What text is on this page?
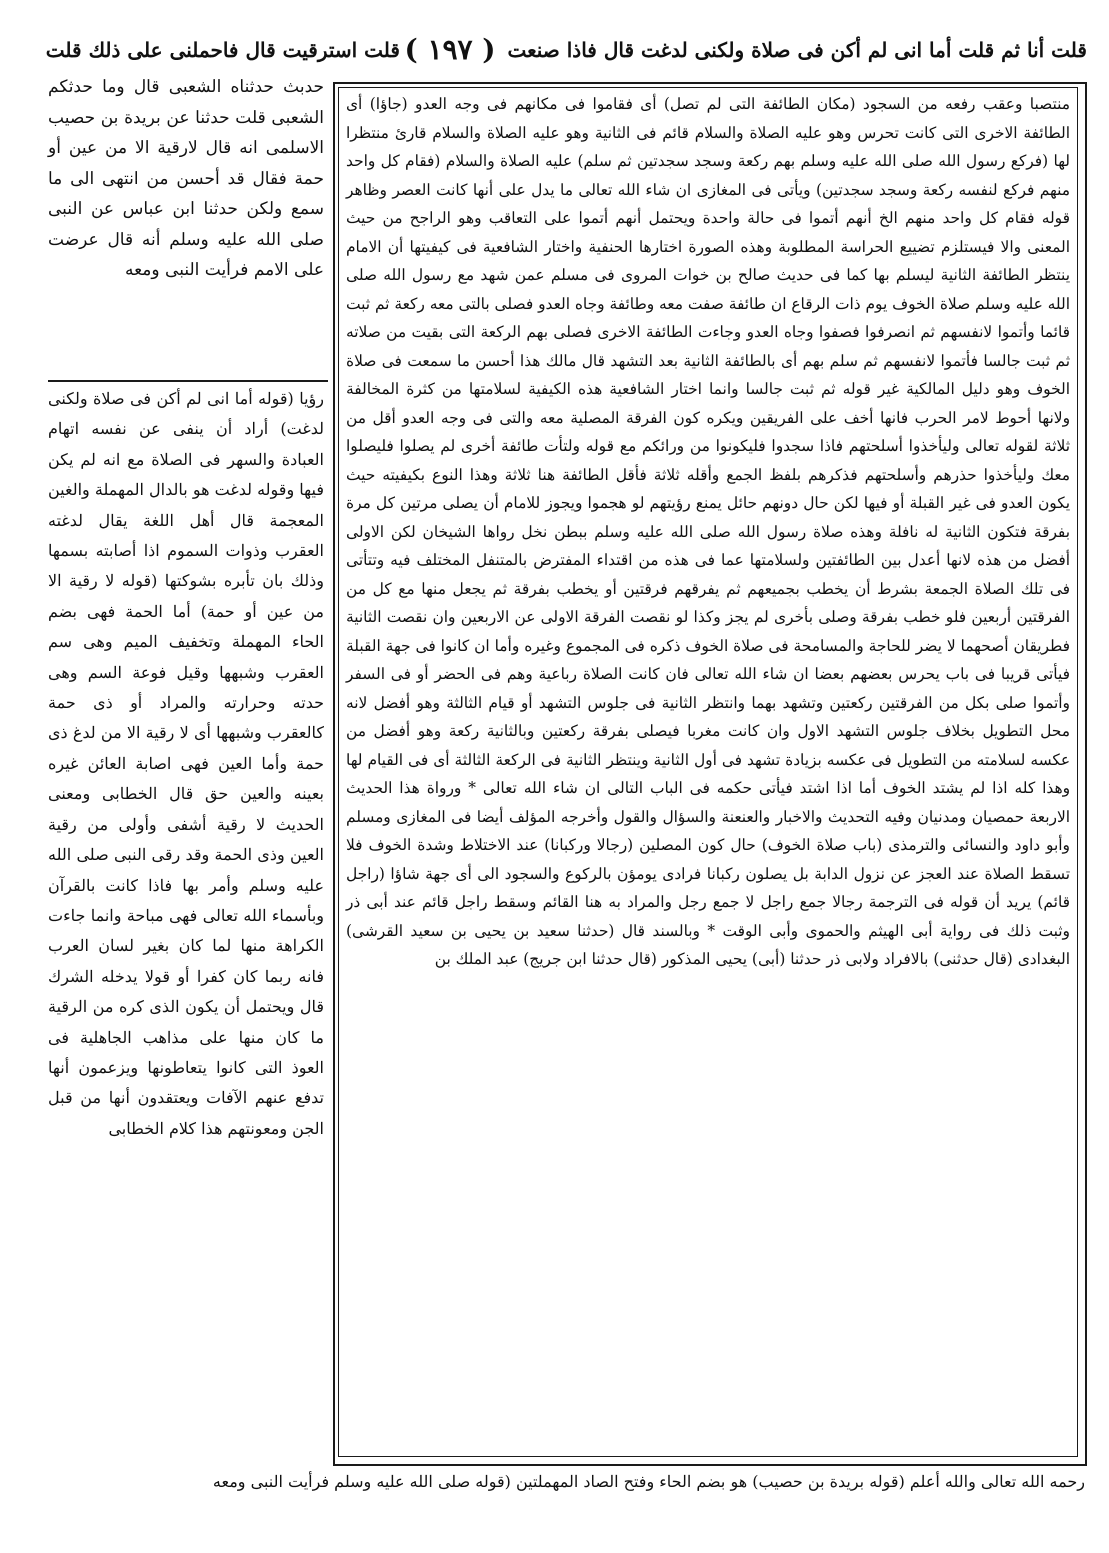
قلت أنا ثم قلت أما انى لم أكن فى صلاة ولكنى لدغت قال فاذا صنعت
( ١٩٧ )
قلت استرقيت قال فاحملنى على ذلك قلت
منتصبا وعقب رفعه من السجود (مكان الطائفة التى لم تصل) أى فقاموا فى مكانهم فى وجه العدو (جاؤا) أى الطائفة الاخرى التى كانت تحرس وهو عليه الصلاة والسلام قائم فى الثانية وهو عليه الصلاة والسلام قارئ منتظرا لها (فركع رسول الله صلى الله عليه وسلم بهم ركعة وسجد سجدتين ثم سلم) عليه الصلاة والسلام (فقام كل واحد منهم فركع لنفسه ركعة وسجد سجدتين) ويأتى فى المغازى ان شاء الله تعالى ما يدل على أنها كانت العصر وظاهر قوله فقام كل واحد منهم الخ أنهم أتموا فى حالة واحدة ويحتمل أنهم أتموا على التعاقب وهو الراجح من حيث المعنى والا فيستلزم تضييع الحراسة المطلوبة وهذه الصورة اختارها الحنفية واختار الشافعية فى كيفيتها أن الامام ينتظر الطائفة الثانية ليسلم بها كما فى حديث صالح بن خوات المروى فى مسلم عمن شهد مع رسول الله صلى الله عليه وسلم صلاة الخوف يوم ذات الرقاع ان طائفة صفت معه وطائفة وجاه العدو فصلى بالتى معه ركعة ثم ثبت قائما وأتموا لانفسهم ثم انصرفوا فصفوا وجاه العدو وجاءت الطائفة الاخرى فصلى بهم الركعة التى بقيت من صلاته ثم ثبت جالسا فأتموا لانفسهم ثم سلم بهم أى بالطائفة الثانية بعد التشهد قال مالك هذا أحسن ما سمعت فى صلاة الخوف وهو دليل المالكية غير قوله ثم ثبت جالسا وانما اختار الشافعية هذه الكيفية لسلامتها من كثرة المخالفة ولانها أحوط لامر الحرب فانها أخف على الفريقين ويكره كون الفرقة المصلية معه والتى فى وجه العدو أقل من ثلاثة لقوله تعالى وليأخذوا أسلحتهم فاذا سجدوا فليكونوا من ورائكم مع قوله ولتأت طائفة أخرى لم يصلوا فليصلوا معك وليأخذوا حذرهم وأسلحتهم فذكرهم بلفظ الجمع وأقله ثلاثة فأقل الطائفة هنا ثلاثة وهذا النوع بكيفيته حيث يكون العدو فى غير القبلة أو فيها لكن حال دونهم حائل يمنع رؤيتهم لو هجموا ويجوز للامام أن يصلى مرتين كل مرة بفرقة فتكون الثانية له نافلة وهذه صلاة رسول الله صلى الله عليه وسلم ببطن نخل رواها الشيخان لكن الاولى أفضل من هذه لانها أعدل بين الطائفتين ولسلامتها عما فى هذه من اقتداء المفترض بالمتنفل المختلف فيه وتتأتى فى تلك الصلاة الجمعة بشرط أن يخطب بجميعهم ثم يفرقهم فرقتين أو يخطب بفرقة ثم يجعل منها مع كل من الفرقتين أربعين فلو خطب بفرقة وصلى بأخرى لم يجز وكذا لو نقصت الفرقة الاولى عن الاربعين وان نقصت الثانية فطريقان أصحهما لا يضر للحاجة والمسامحة فى صلاة الخوف ذكره فى المجموع وغيره وأما ان كانوا فى جهة القبلة فيأتى قريبا فى باب يحرس بعضهم بعضا ان شاء الله تعالى فان كانت الصلاة رباعية وهم فى الحضر أو فى السفر وأتموا صلى بكل من الفرقتين ركعتين وتشهد بهما وانتظر الثانية فى جلوس التشهد أو قيام الثالثة وهو أفضل لانه محل التطويل بخلاف جلوس التشهد الاول وان كانت مغربا فيصلى بفرقة ركعتين وبالثانية ركعة وهو أفضل من عكسه لسلامته من التطويل فى عكسه بزيادة تشهد فى أول الثانية وينتظر الثانية فى الركعة الثالثة أى فى القيام لها وهذا كله اذا لم يشتد الخوف أما اذا اشتد فيأتى حكمه فى الباب التالى ان شاء الله تعالى * ورواة هذا الحديث الاربعة حمصيان ومدنيان وفيه التحديث والاخبار والعنعنة والسؤال والقول وأخرجه المؤلف أيضا فى المغازى ومسلم وأبو داود والنسائى والترمذى (باب صلاة الخوف) حال كون المصلين (رجالا وركبانا) عند الاختلاط وشدة الخوف فلا تسقط الصلاة عند العجز عن نزول الدابة بل يصلون ركبانا فرادى يومؤن بالركوع والسجود الى أى جهة شاؤا (راجل قائم) يريد أن قوله فى الترجمة رجالا جمع راجل لا جمع رجل والمراد به هنا القائم وسقط راجل قائم عند أبى ذر وثبت ذلك فى رواية أبى الهيثم والحموى وأبى الوقت * وبالسند قال (حدثنا سعيد بن يحيى بن سعيد القرشى) البغدادى (قال حدثنى) بالافراد ولابى ذر حدثنا (أبى) يحيى المذكور (قال حدثنا ابن جريج) عبد الملك بن
حدبث حدثناه الشعبى قال وما حدثكم الشعبى قلت حدثنا عن بريدة بن حصيب الاسلمى انه قال لارقية الا من عين أو حمة فقال قد أحسن من انتهى الى ما سمع ولكن حدثنا ابن عباس عن النبى صلى الله عليه وسلم أنه قال عرضت على الامم فرأيت النبى ومعه
رؤيا (قوله أما انى لم أكن فى صلاة ولكنى لدغت) أراد أن ينفى عن نفسه اتهام العبادة والسهر فى الصلاة مع انه لم يكن فيها وقوله لدغت هو بالدال المهملة والغين المعجمة قال أهل اللغة يقال لدغته العقرب وذوات السموم اذا أصابته بسمها وذلك بان تأبره بشوكتها (قوله لا رقية الا من عين أو حمة) أما الحمة فهى بضم الحاء المهملة وتخفيف الميم وهى سم العقرب وشبهها وقيل فوعة السم وهى حدته وحرارته والمراد أو ذى حمة كالعقرب وشبهها أى لا رقية الا من لدغ ذى حمة وأما العين فهى اصابة العائن غيره بعينه والعين حق قال الخطابى ومعنى الحديث لا رقية أشفى وأولى من رقية العين وذى الحمة وقد رقى النبى صلى الله عليه وسلم وأمر بها فاذا كانت بالقرآن وبأسماء الله تعالى فهى مباحة وانما جاءت الكراهة منها لما كان بغير لسان العرب فانه ربما كان كفرا أو قولا يدخله الشرك قال ويحتمل أن يكون الذى كره من الرقية ما كان منها على مذاهب الجاهلية فى العوذ التى كانوا يتعاطونها ويزعمون أنها تدفع عنهم الآفات ويعتقدون أنها من قبل الجن ومعونتهم هذا كلام الخطابى
رحمه الله تعالى والله أعلم (قوله بريدة بن حصيب) هو بضم الحاء وفتح الصاد المهملتين (قوله صلى الله عليه وسلم فرأيت النبى ومعه
